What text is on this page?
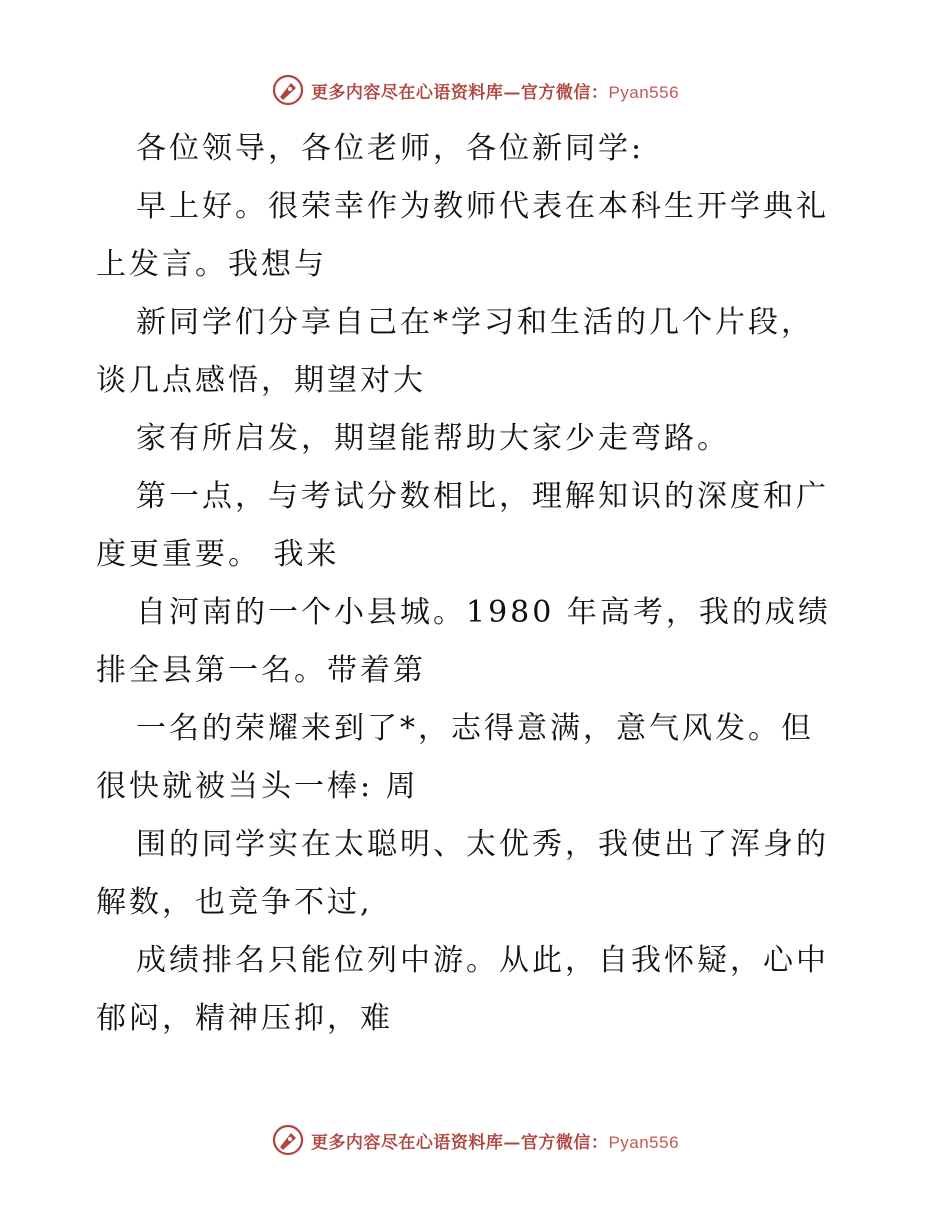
更多内容尽在心语资料库—官方微信：Pyan556
各位领导，各位老师，各位新同学:
早上好。很荣幸作为教师代表在本科生开学典礼
上发言。我想与
新同学们分享自己在*学习和生活的几个片段，
谈几点感悟，期望对大
家有所启发，期望能帮助大家少走弯路。
第一点，与考试分数相比，理解知识的深度和广
度更重要。 我来
自河南的一个小县城。1980 年高考，我的成绩
排全县第一名。带着第
一名的荣耀来到了*，志得意满，意气风发。但
很快就被当头一棒: 周
围的同学实在太聪明、太优秀，我使出了浑身的
解数，也竞争不过,
成绩排名只能位列中游。从此，自我怀疑，心中
郁闷，精神压抑，难
更多内容尽在心语资料库—官方微信：Pyan556
